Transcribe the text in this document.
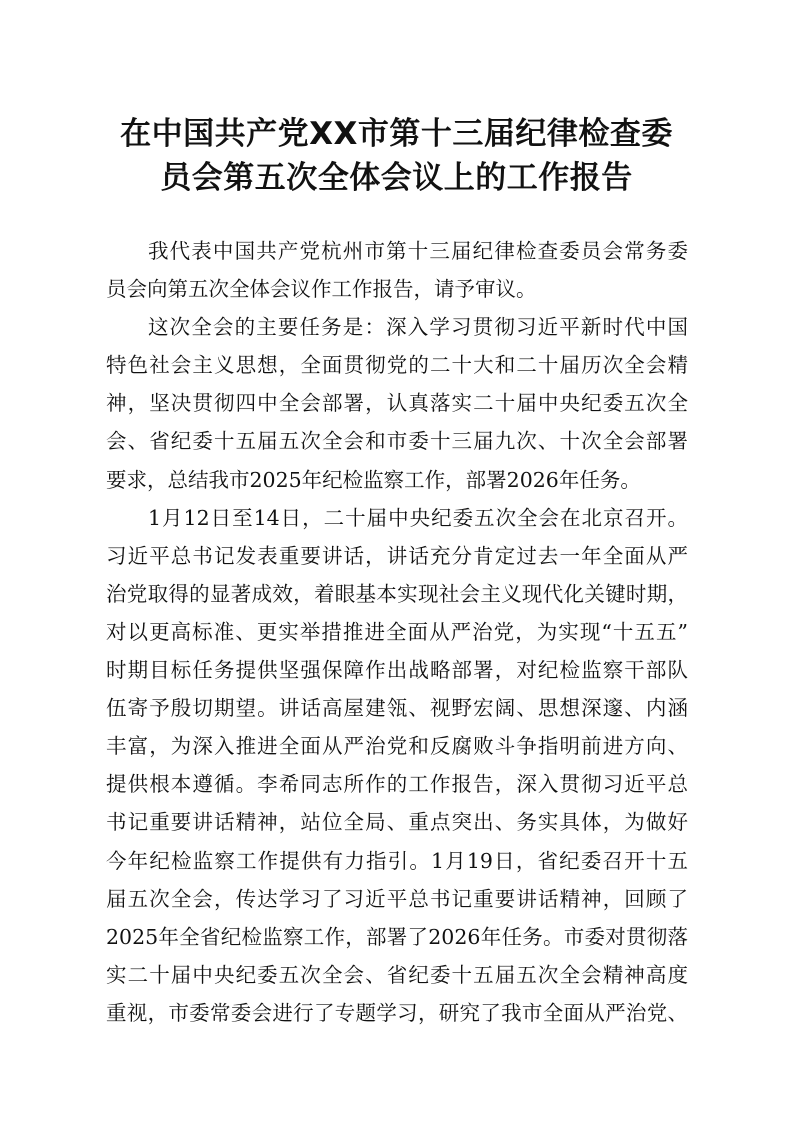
在中国共产党XX市第十三届纪律检查委
员会第五次全体会议上的工作报告
我代表中国共产党杭州市第十三届纪律检查委员会常务委
员会向第五次全体会议作工作报告，请予审议。
这次全会的主要任务是：深入学习贯彻习近平新时代中国
特色社会主义思想，全面贯彻党的二十大和二十届历次全会精
神，坚决贯彻四中全会部署，认真落实二十届中央纪委五次全
会、省纪委十五届五次全会和市委十三届九次、十次全会部署
要求，总结我市2025年纪检监察工作，部署2026年任务。
1月12日至14日，二十届中央纪委五次全会在北京召开。
习近平总书记发表重要讲话，讲话充分肯定过去一年全面从严
治党取得的显著成效，着眼基本实现社会主义现代化关键时期，
对以更高标准、更实举措推进全面从严治党，为实现“十五五”
时期目标任务提供坚强保障作出战略部署，对纪检监察干部队
伍寄予殷切期望。讲话高屋建瓴、视野宏阔、思想深邃、内涵
丰富，为深入推进全面从严治党和反腐败斗争指明前进方向、
提供根本遵循。李希同志所作的工作报告，深入贯彻习近平总
书记重要讲话精神，站位全局、重点突出、务实具体，为做好
今年纪检监察工作提供有力指引。1月19日，省纪委召开十五
届五次全会，传达学习了习近平总书记重要讲话精神，回顾了
2025年全省纪检监察工作，部署了2026年任务。市委对贯彻落
实二十届中央纪委五次全会、省纪委十五届五次全会精神高度
重视，市委常委会进行了专题学习，研究了我市全面从严治党、
